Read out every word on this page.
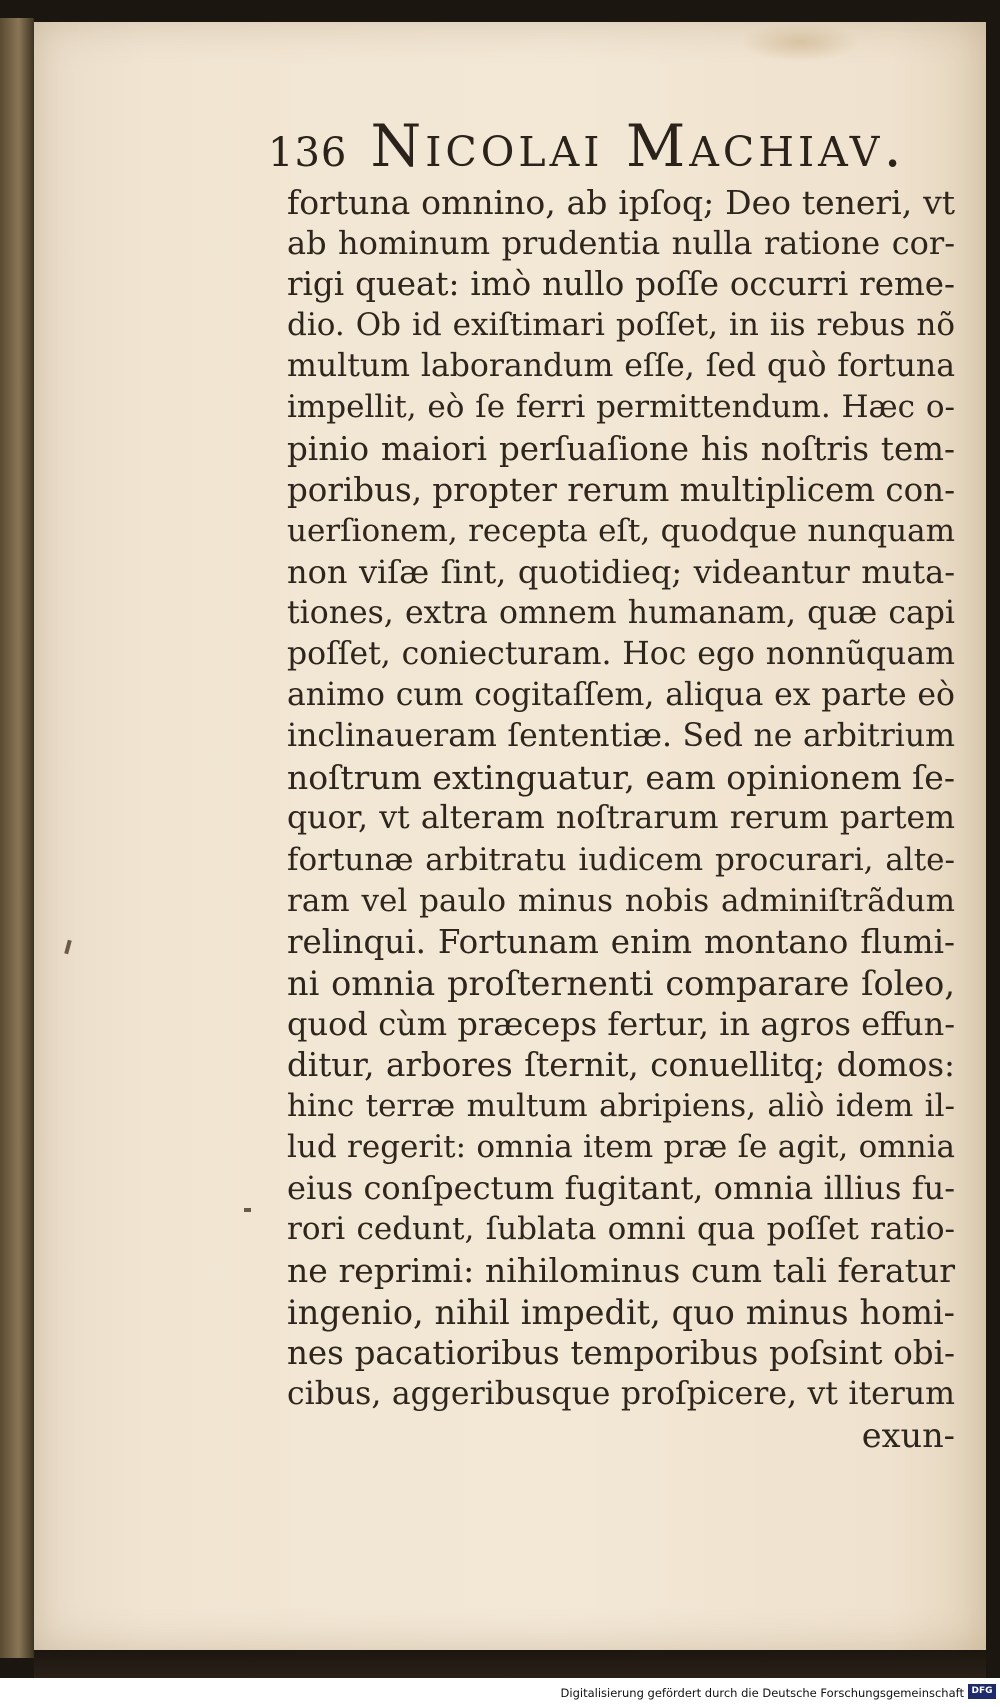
136 Nicolai Machiav.
fortuna omnino, ab ipſoq; Deo teneri, vt
ab hominum prudentia nulla ratione cor-
rigi queat: imò nullo poſſe occurri reme-
dio. Ob id exiſtimari poſſet, in iis rebus nõ
multum laborandum eſſe, ſed quò fortuna
impellit, eò ſe ferri permittendum. Hæc o-
pinio maiori perſuaſione his noſtris tem-
poribus, propter rerum multiplicem con-
uerſionem, recepta eſt, quodque nunquam
non viſæ ſint, quotidieq; videantur muta-
tiones, extra omnem humanam, quæ capi
poſſet, coniecturam. Hoc ego nonnũquam
animo cum cogitaſſem, aliqua ex parte eò
inclinaueram ſententiæ. Sed ne arbitrium
noſtrum extinguatur, eam opinionem ſe-
quor, vt alteram noſtrarum rerum partem
fortunæ arbitratu iudicem procurari, alte-
ram vel paulo minus nobis adminiſtrãdum
relinqui. Fortunam enim montano flumi-
ni omnia proſternenti comparare ſoleo,
quod cùm præceps fertur, in agros effun-
ditur, arbores ſternit, conuellitq; domos:
hinc terræ multum abripiens, aliò idem il-
lud regerit: omnia item præ ſe agit, omnia
eius conſpectum fugitant, omnia illius fu-
rori cedunt, ſublata omni qua poſſet ratio-
ne reprimi: nihilominus cum tali feratur
ingenio, nihil impedit, quo minus homi-
nes pacatioribus temporibus poſsint obi-
cibus, aggeribusque proſpicere, vt iterum
exun-
Digitalisierung gefördert durch die Deutsche Forschungsgemeinschaft DFG
